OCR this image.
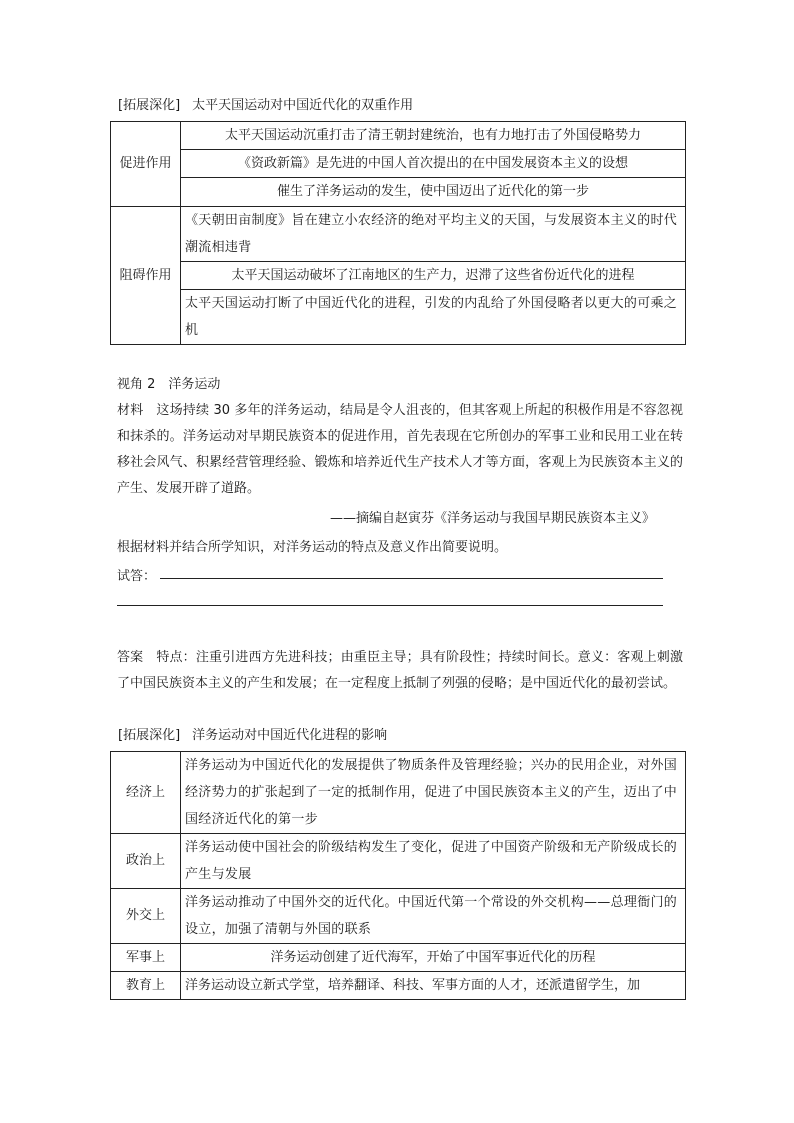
[拓展深化] 太平天国运动对中国近代化的双重作用
促进作用	太平天国运动沉重打击了清王朝封建统治，也有力地打击了外国侵略势力
	《资政新篇》是先进的中国人首次提出的在中国发展资本主义的设想
	催生了洋务运动的发生，使中国迈出了近代化的第一步
阻碍作用	《天朝田亩制度》旨在建立小农经济的绝对平均主义的天国，与发展资本主义的时代潮流相违背
	太平天国运动破坏了江南地区的生产力，迟滞了这些省份近代化的进程
	太平天国运动打断了中国近代化的进程，引发的内乱给了外国侵略者以更大的可乘之机
视角 2　洋务运动
材料 这场持续 30 多年的洋务运动，结局是令人沮丧的，但其客观上所起的积极作用是不容忽视和抹杀的。洋务运动对早期民族资本的促进作用，首先表现在它所创办的军事工业和民用工业在转移社会风气、积累经营管理经验、锻炼和培养近代生产技术人才等方面，客观上为民族资本主义的产生、发展开辟了道路。
——摘编自赵寅芬《洋务运动与我国早期民族资本主义》
根据材料并结合所学知识，对洋务运动的特点及意义作出简要说明。
试答：
答案 特点：注重引进西方先进科技；由重臣主导；具有阶段性；持续时间长。意义：客观上刺激了中国民族资本主义的产生和发展；在一定程度上抵制了列强的侵略；是中国近代化的最初尝试。
[拓展深化] 洋务运动对中国近代化进程的影响
经济上	洋务运动为中国近代化的发展提供了物质条件及管理经验；兴办的民用企业，对外国经济势力的扩张起到了一定的抵制作用，促进了中国民族资本主义的产生，迈出了中国经济近代化的第一步
政治上	洋务运动使中国社会的阶级结构发生了变化，促进了中国资产阶级和无产阶级成长的产生与发展
外交上	洋务运动推动了中国外交的近代化。中国近代第一个常设的外交机构——总理衙门的设立，加强了清朝与外国的联系
军事上	洋务运动创建了近代海军，开始了中国军事近代化的历程
教育上	洋务运动设立新式学堂，培养翻译、科技、军事方面的人才，还派遣留学生，加
